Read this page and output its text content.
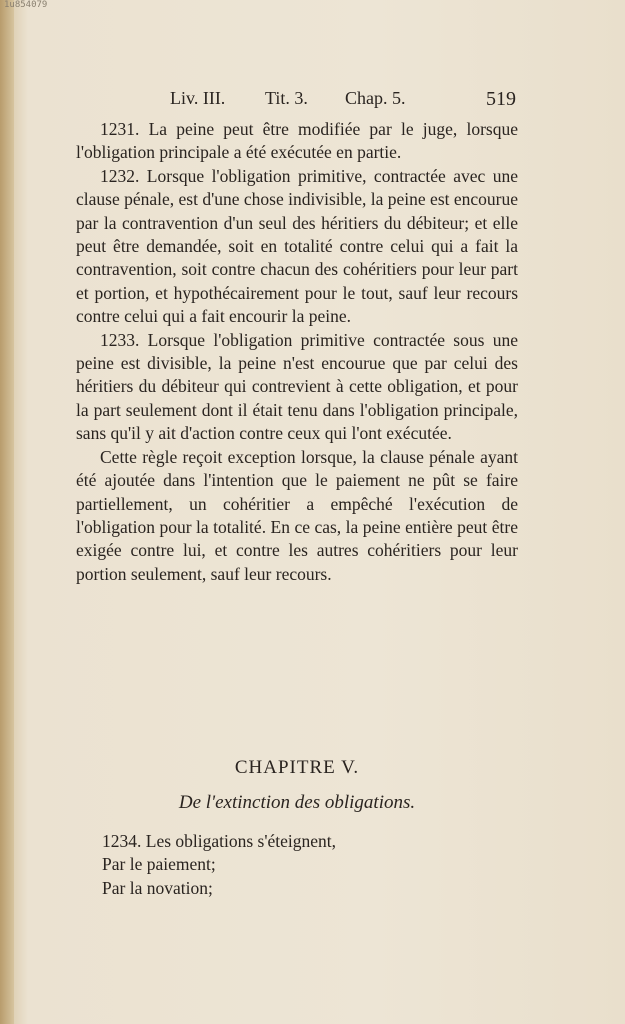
1u854079
Liv. III. Tit. 3. Chap. 5.	519

1231. La peine peut être modifiée par le juge, lorsque l'obligation principale a été exécutée en partie.

1232. Lorsque l'obligation primitive, contractée avec une clause pénale, est d'une chose indivisible, la peine est encourue par la contravention d'un seul des héritiers du débiteur; et elle peut être demandée, soit en totalité contre celui qui a fait la contravention, soit contre chacun des cohéritiers pour leur part et portion, et hypothécairement pour le tout, sauf leur recours contre celui qui a fait encourir la peine.

1233. Lorsque l'obligation primitive contractée sous une peine est divisible, la peine n'est encourue que par celui des héritiers du débiteur qui contrevient à cette obligation, et pour la part seulement dont il était tenu dans l'obligation principale, sans qu'il y ait d'action contre ceux qui l'ont exécutée.

Cette règle reçoit exception lorsque, la clause pénale ayant été ajoutée dans l'intention que le paiement ne pût se faire partiellement, un cohéritier a empêché l'exécution de l'obligation pour la totalité. En ce cas, la peine entière peut être exigée contre lui, et contre les autres cohéritiers pour leur portion seulement, sauf leur recours.

CHAPITRE V.
De l'extinction des obligations.
1234. Les obligations s'éteignent,
Par le paiement;
Par la novation;
